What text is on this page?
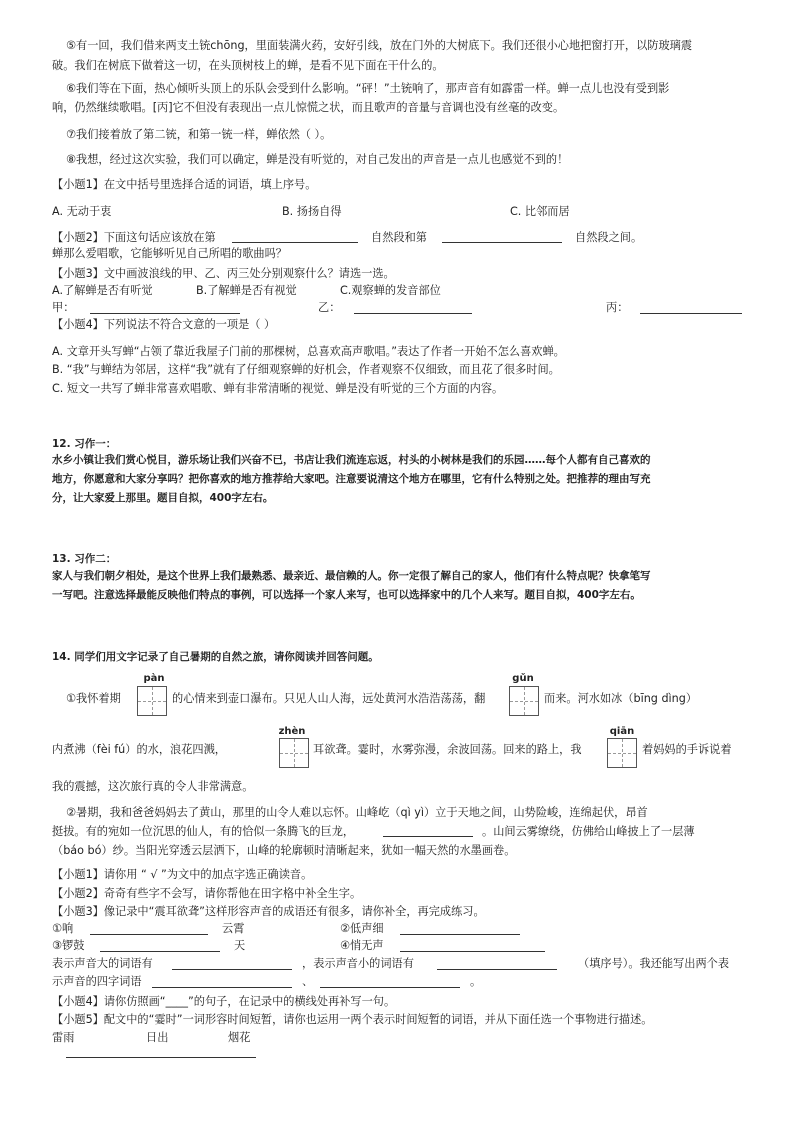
⑤有一回，我们借来两支土铳chōng，里面装满火药，安好引线，放在门外的大树底下。我们还很小心地把窗打开，以防玻璃震
破。我们在树底下做着这一切，在头顶树枝上的蝉，是看不见下面在干什么的。
⑥我们等在下面，热心倾听头顶上的乐队会受到什么影响。“砰！”土铳响了，那声音有如霹雷一样。蝉一点儿也没有受到影
响，仍然继续歌唱。[丙]它不但没有表现出一点儿惊慌之状，而且歌声的音量与音调也没有丝毫的改变。
⑦我们接着放了第二铳，和第一铳一样，蝉依然（ ）。
⑧我想，经过这次实验，我们可以确定，蝉是没有听觉的，对自己发出的声音是一点儿也感觉不到的！
【小题1】在文中括号里选择合适的词语，填上序号。
A. 无动于衷	B. 扬扬自得	C. 比邻而居
【小题2】下面这句话应该放在第	自然段和第	自然段之间。
蝉那么爱唱歌，它能够听见自己所唱的歌曲吗？
【小题3】文中画波浪线的甲、乙、丙三处分别观察什么？请选一选。
A.了解蝉是否有听觉	B.了解蝉是否有视觉	C.观察蝉的发音部位
甲：	乙：	丙：
【小题4】下列说法不符合文意的一项是（ ）
A. 文章开头写蝉“占领了靠近我屋子门前的那棵树，总喜欢高声歌唱。”表达了作者一开始不怎么喜欢蝉。
B. “我”与蝉结为邻居，这样“我”就有了仔细观察蝉的好机会，作者观察不仅细致，而且花了很多时间。
C. 短文一共写了蝉非常喜欢唱歌、蝉有非常清晰的视觉、蝉是没有听觉的三个方面的内容。
12. 习作一：
水乡小镇让我们赏心悦目，游乐场让我们兴奋不已，书店让我们流连忘返，村头的小树林是我们的乐园……每个人都有自己喜欢的
地方，你愿意和大家分享吗？把你喜欢的地方推荐给大家吧。注意要说清这个地方在哪里，它有什么特别之处。把推荐的理由写充
分，让大家爱上那里。题目自拟，400字左右。
13. 习作二：
家人与我们朝夕相处，是这个世界上我们最熟悉、最亲近、最信赖的人。你一定很了解自己的家人，他们有什么特点呢？快拿笔写
一写吧。注意选择最能反映他们特点的事例，可以选择一个家人来写，也可以选择家中的几个人来写。题目自拟，400字左右。
14. 同学们用文字记录了自己暑期的自然之旅，请你阅读并回答问题。
pàn	gǔn
①我怀着期	的心情来到壶口瀑布。只见人山人海，远处黄河水浩浩荡荡，翻	而来。河水如冰（bīng dìng）
zhèn	qiān
内煮沸（fèi fú）的水，浪花四溅，	耳欲聋。霎时，水雾弥漫，余波回荡。回来的路上，我	着妈妈的手诉说着
我的震撼，这次旅行真的令人非常满意。
②暑期，我和爸爸妈妈去了黄山，那里的山令人难以忘怀。山峰屹（qì yì）立于天地之间，山势险峻，连绵起伏，昂首
挺拔。有的宛如一位沉思的仙人，有的恰似一条腾飞的巨龙，	。山间云雾缭绕，仿佛给山峰披上了一层薄
（báo bó）纱。当阳光穿透云层洒下，山峰的轮廓顿时清晰起来，犹如一幅天然的水墨画卷。
【小题1】请你用 “ √ ”为文中的加点字选正确读音。
【小题2】奇奇有些字不会写，请你帮他在田字格中补全生字。
【小题3】像记录中“震耳欲聋”这样形容声音的成语还有很多，请你补全，再完成练习。
①响	云霄	②低声细
③锣鼓	天	④悄无声
表示声音大的词语有	，表示声音小的词语有	（填序号）。我还能写出两个表
示声音的四字词语	、	。
【小题4】请你仿照画“____”的句子，在记录中的横线处再补写一句。
【小题5】配文中的“霎时”一词形容时间短暂，请你也运用一两个表示时间短暂的词语，并从下面任选一个事物进行描述。
雷雨	日出	烟花
